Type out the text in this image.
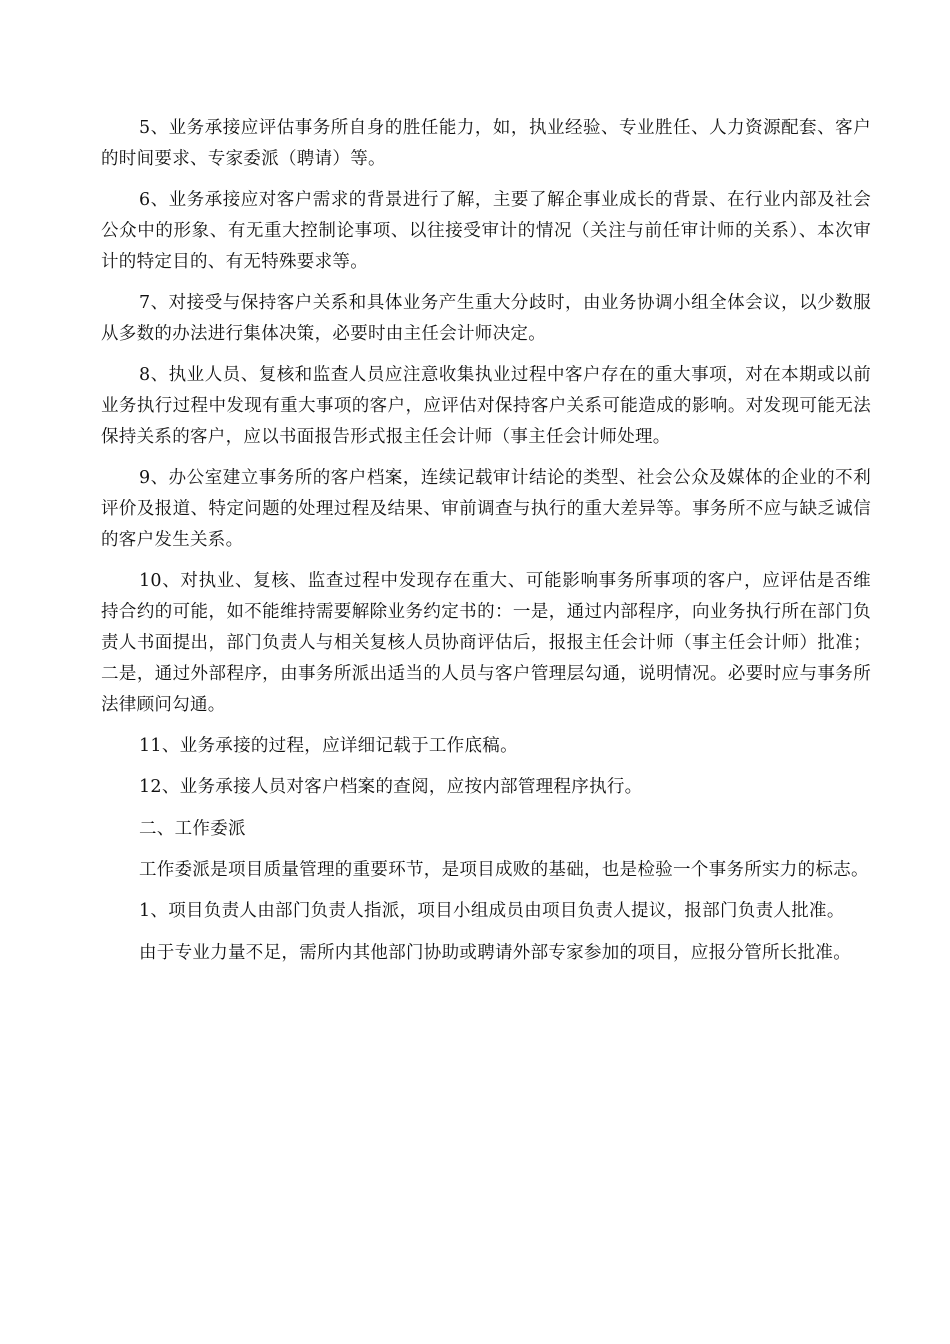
5、业务承接应评估事务所自身的胜任能力，如，执业经验、专业胜任、人力资源配套、客户的时间要求、专家委派（聘请）等。

6、业务承接应对客户需求的背景进行了解，主要了解企事业成长的背景、在行业内部及社会公众中的形象、有无重大控制论事项、以往接受审计的情况（关注与前任审计师的关系）、本次审计的特定目的、有无特殊要求等。

7、对接受与保持客户关系和具体业务产生重大分歧时，由业务协调小组全体会议，以少数服从多数的办法进行集体决策，必要时由主任会计师决定。

8、执业人员、复核和监查人员应注意收集执业过程中客户存在的重大事项，对在本期或以前业务执行过程中发现有重大事项的客户，应评估对保持客户关系可能造成的影响。对发现可能无法保持关系的客户，应以书面报告形式报主任会计师（事主任会计师处理。

9、办公室建立事务所的客户档案，连续记载审计结论的类型、社会公众及媒体的企业的不利评价及报道、特定问题的处理过程及结果、审前调查与执行的重大差异等。事务所不应与缺乏诚信的客户发生关系。

10、对执业、复核、监查过程中发现存在重大、可能影响事务所事项的客户，应评估是否维持合约的可能，如不能维持需要解除业务约定书的：一是，通过内部程序，向业务执行所在部门负责人书面提出，部门负责人与相关复核人员协商评估后，报报主任会计师（事主任会计师）批准；二是，通过外部程序，由事务所派出适当的人员与客户管理层勾通，说明情况。必要时应与事务所法律顾问勾通。

11、业务承接的过程，应详细记载于工作底稿。

12、业务承接人员对客户档案的查阅，应按内部管理程序执行。

二、工作委派

工作委派是项目质量管理的重要环节，是项目成败的基础，也是检验一个事务所实力的标志。

1、项目负责人由部门负责人指派，项目小组成员由项目负责人提议，报部门负责人批准。

由于专业力量不足，需所内其他部门协助或聘请外部专家参加的项目，应报分管所长批准。
